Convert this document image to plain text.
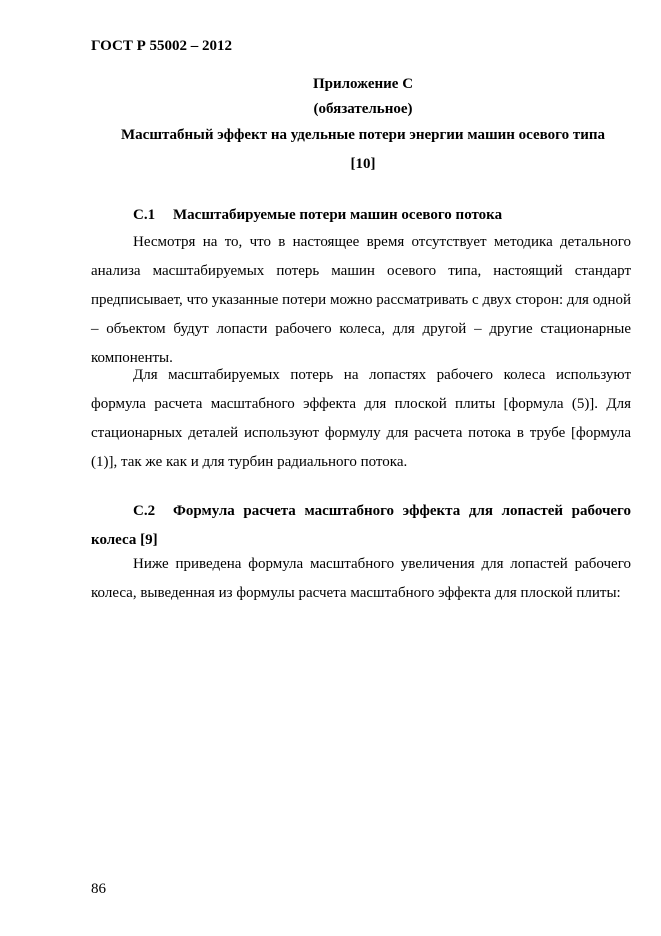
ГОСТ Р 55002 – 2012
Приложение С
(обязательное)
Масштабный эффект на удельные потери энергии машин осевого типа
[10]
С.1 Масштабируемые потери машин осевого потока
Несмотря на то, что в настоящее время отсутствует методика детального анализа масштабируемых потерь машин осевого типа, настоящий стандарт предписывает, что указанные потери можно рассматривать с двух сторон: для одной – объектом будут лопасти рабочего колеса, для другой – другие стационарные компоненты.
Для масштабируемых потерь на лопастях рабочего колеса используют формула расчета масштабного эффекта для плоской плиты [формула (5)]. Для стационарных деталей используют формулу для расчета потока в трубе [формула (1)], так же как и для турбин радиального потока.
С.2 Формула расчета масштабного эффекта для лопастей рабочего колеса [9]
Ниже приведена формула масштабного увеличения для лопастей рабочего колеса, выведенная из формулы расчета масштабного эффекта для плоской плиты:
86
